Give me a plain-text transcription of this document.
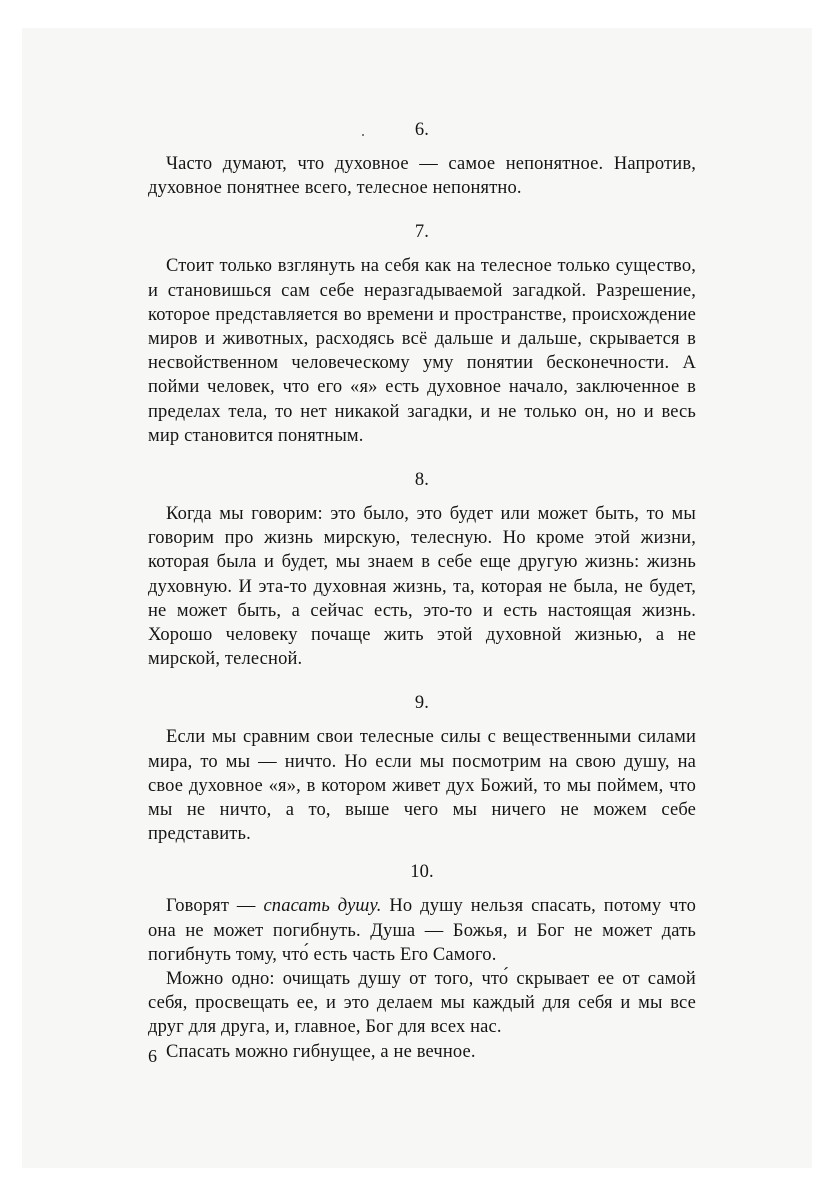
6.

Часто думают, что духовное — самое непонятное. Напротив, духовное понятнее всего, телесное непонятно.

7.

Стоит только взглянуть на себя как на телесное только существо, и становишься сам себе неразгадываемой загадкой. Разрешение, которое представляется во времени и пространстве, происхождение миров и животных, расходясь всё дальше и дальше, скрывается в несвойственном человеческому уму понятии бесконечности. А пойми человек, что его «я» есть духовное начало, заключенное в пределах тела, то нет никакой загадки, и не только он, но и весь мир становится понятным.

8.

Когда мы говорим: это было, это будет или может быть, то мы говорим про жизнь мирскую, телесную. Но кроме этой жизни, которая была и будет, мы знаем в себе еще другую жизнь: жизнь духовную. И эта-то духовная жизнь, та, которая не была, не будет, не может быть, а сейчас есть, это-то и есть настоящая жизнь. Хорошо человеку почаще жить этой духовной жизнью, а не мирской, телесной.

9.

Если мы сравним свои телесные силы с вещественными силами мира, то мы — ничто. Но если мы посмотрим на свою душу, на свое духовное «я», в котором живет дух Божий, то мы поймем, что мы не ничто, а то, выше чего мы ничего не можем себе представить.

10.

Говорят — спасать душу. Но душу нельзя спасать, потому что она не может погибнуть. Душа — Божья, и Бог не может дать погибнуть тому, что́ есть часть Его Самого.

Можно одно: очищать душу от того, что́ скрывает ее от самой себя, просвещать ее, и это делаем мы каждый для себя и мы все друг для друга, и, главное, Бог для всех нас.

Спасать можно гибнущее, а не вечное.

6
